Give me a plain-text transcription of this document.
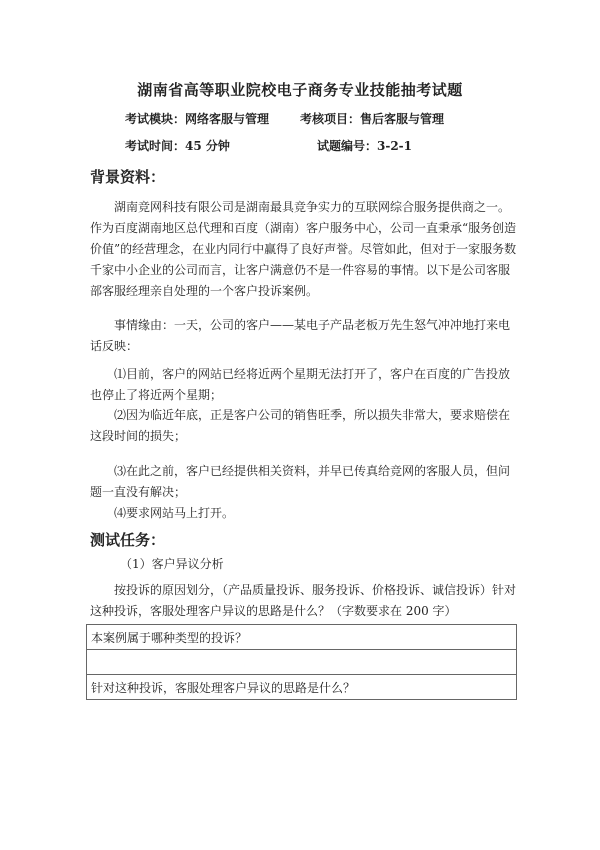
湖南省高等职业院校电子商务专业技能抽考试题
考试模块：网络客服与管理	考核项目：售后客服与管理
考试时间：45 分钟	试题编号：3-2-1
背景资料：
湖南竞网科技有限公司是湖南最具竞争实力的互联网综合服务提供商之一。作为百度湖南地区总代理和百度（湖南）客户服务中心，公司一直秉承“服务创造价值”的经营理念，在业内同行中赢得了良好声誉。尽管如此，但对于一家服务数千家中小企业的公司而言，让客户满意仍不是一件容易的事情。以下是公司客服部客服经理亲自处理的一个客户投诉案例。
事情缘由：一天，公司的客户——某电子产品老板万先生怒气冲冲地打来电话反映：
⑴目前，客户的网站已经将近两个星期无法打开了，客户在百度的广告投放也停止了将近两个星期；
⑵因为临近年底，正是客户公司的销售旺季，所以损失非常大，要求赔偿在这段时间的损失；
⑶在此之前，客户已经提供相关资料，并早已传真给竞网的客服人员，但问题一直没有解决；
⑷要求网站马上打开。
测试任务：
（1）客户异议分析
按投诉的原因划分，（产品质量投诉、服务投诉、价格投诉、诚信投诉）针对这种投诉，客服处理客户异议的思路是什么？（字数要求在 200 字）
本案例属于哪种类型的投诉？

针对这种投诉，客服处理客户异议的思路是什么？
